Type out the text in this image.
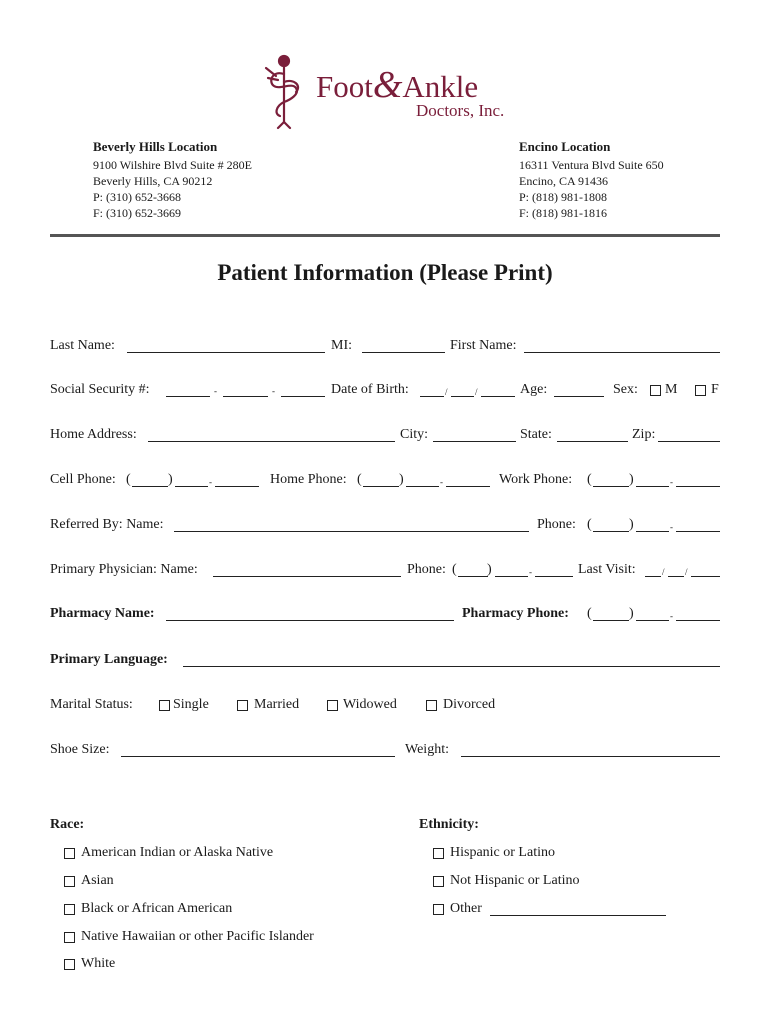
Foot&Ankle
Doctors, Inc.
Beverly Hills Location
9100 Wilshire Blvd Suite # 280E
Beverly Hills, CA 90212
P: (310) 652-3668
F: (310) 652-3669
Encino Location
16311 Ventura Blvd Suite 650
Encino, CA 91436
P: (818) 981-1808
F: (818) 981-1816
Patient Information (Please Print)
Last Name:	MI:	First Name:
Social Security #:	-	-	Date of Birth:	/	/	Age:	Sex: M F
Home Address:	City:	State:	Zip:
Cell Phone: (	)	-	Home Phone: (	)	-	Work Phone: (	)	-
Referred By: Name:	Phone: (	)	-
Primary Physician: Name:	Phone: ( )	-	Last Visit:	/ /
Pharmacy Name:	Pharmacy Phone: (	)	-
Primary Language:
Marital Status:	Single	Married	Widowed	Divorced
Shoe Size:	Weight:
Race:
American Indian or Alaska Native
Asian
Black or African American
Native Hawaiian or other Pacific Islander
White
Ethnicity:
Hispanic or Latino
Not Hispanic or Latino
Other
